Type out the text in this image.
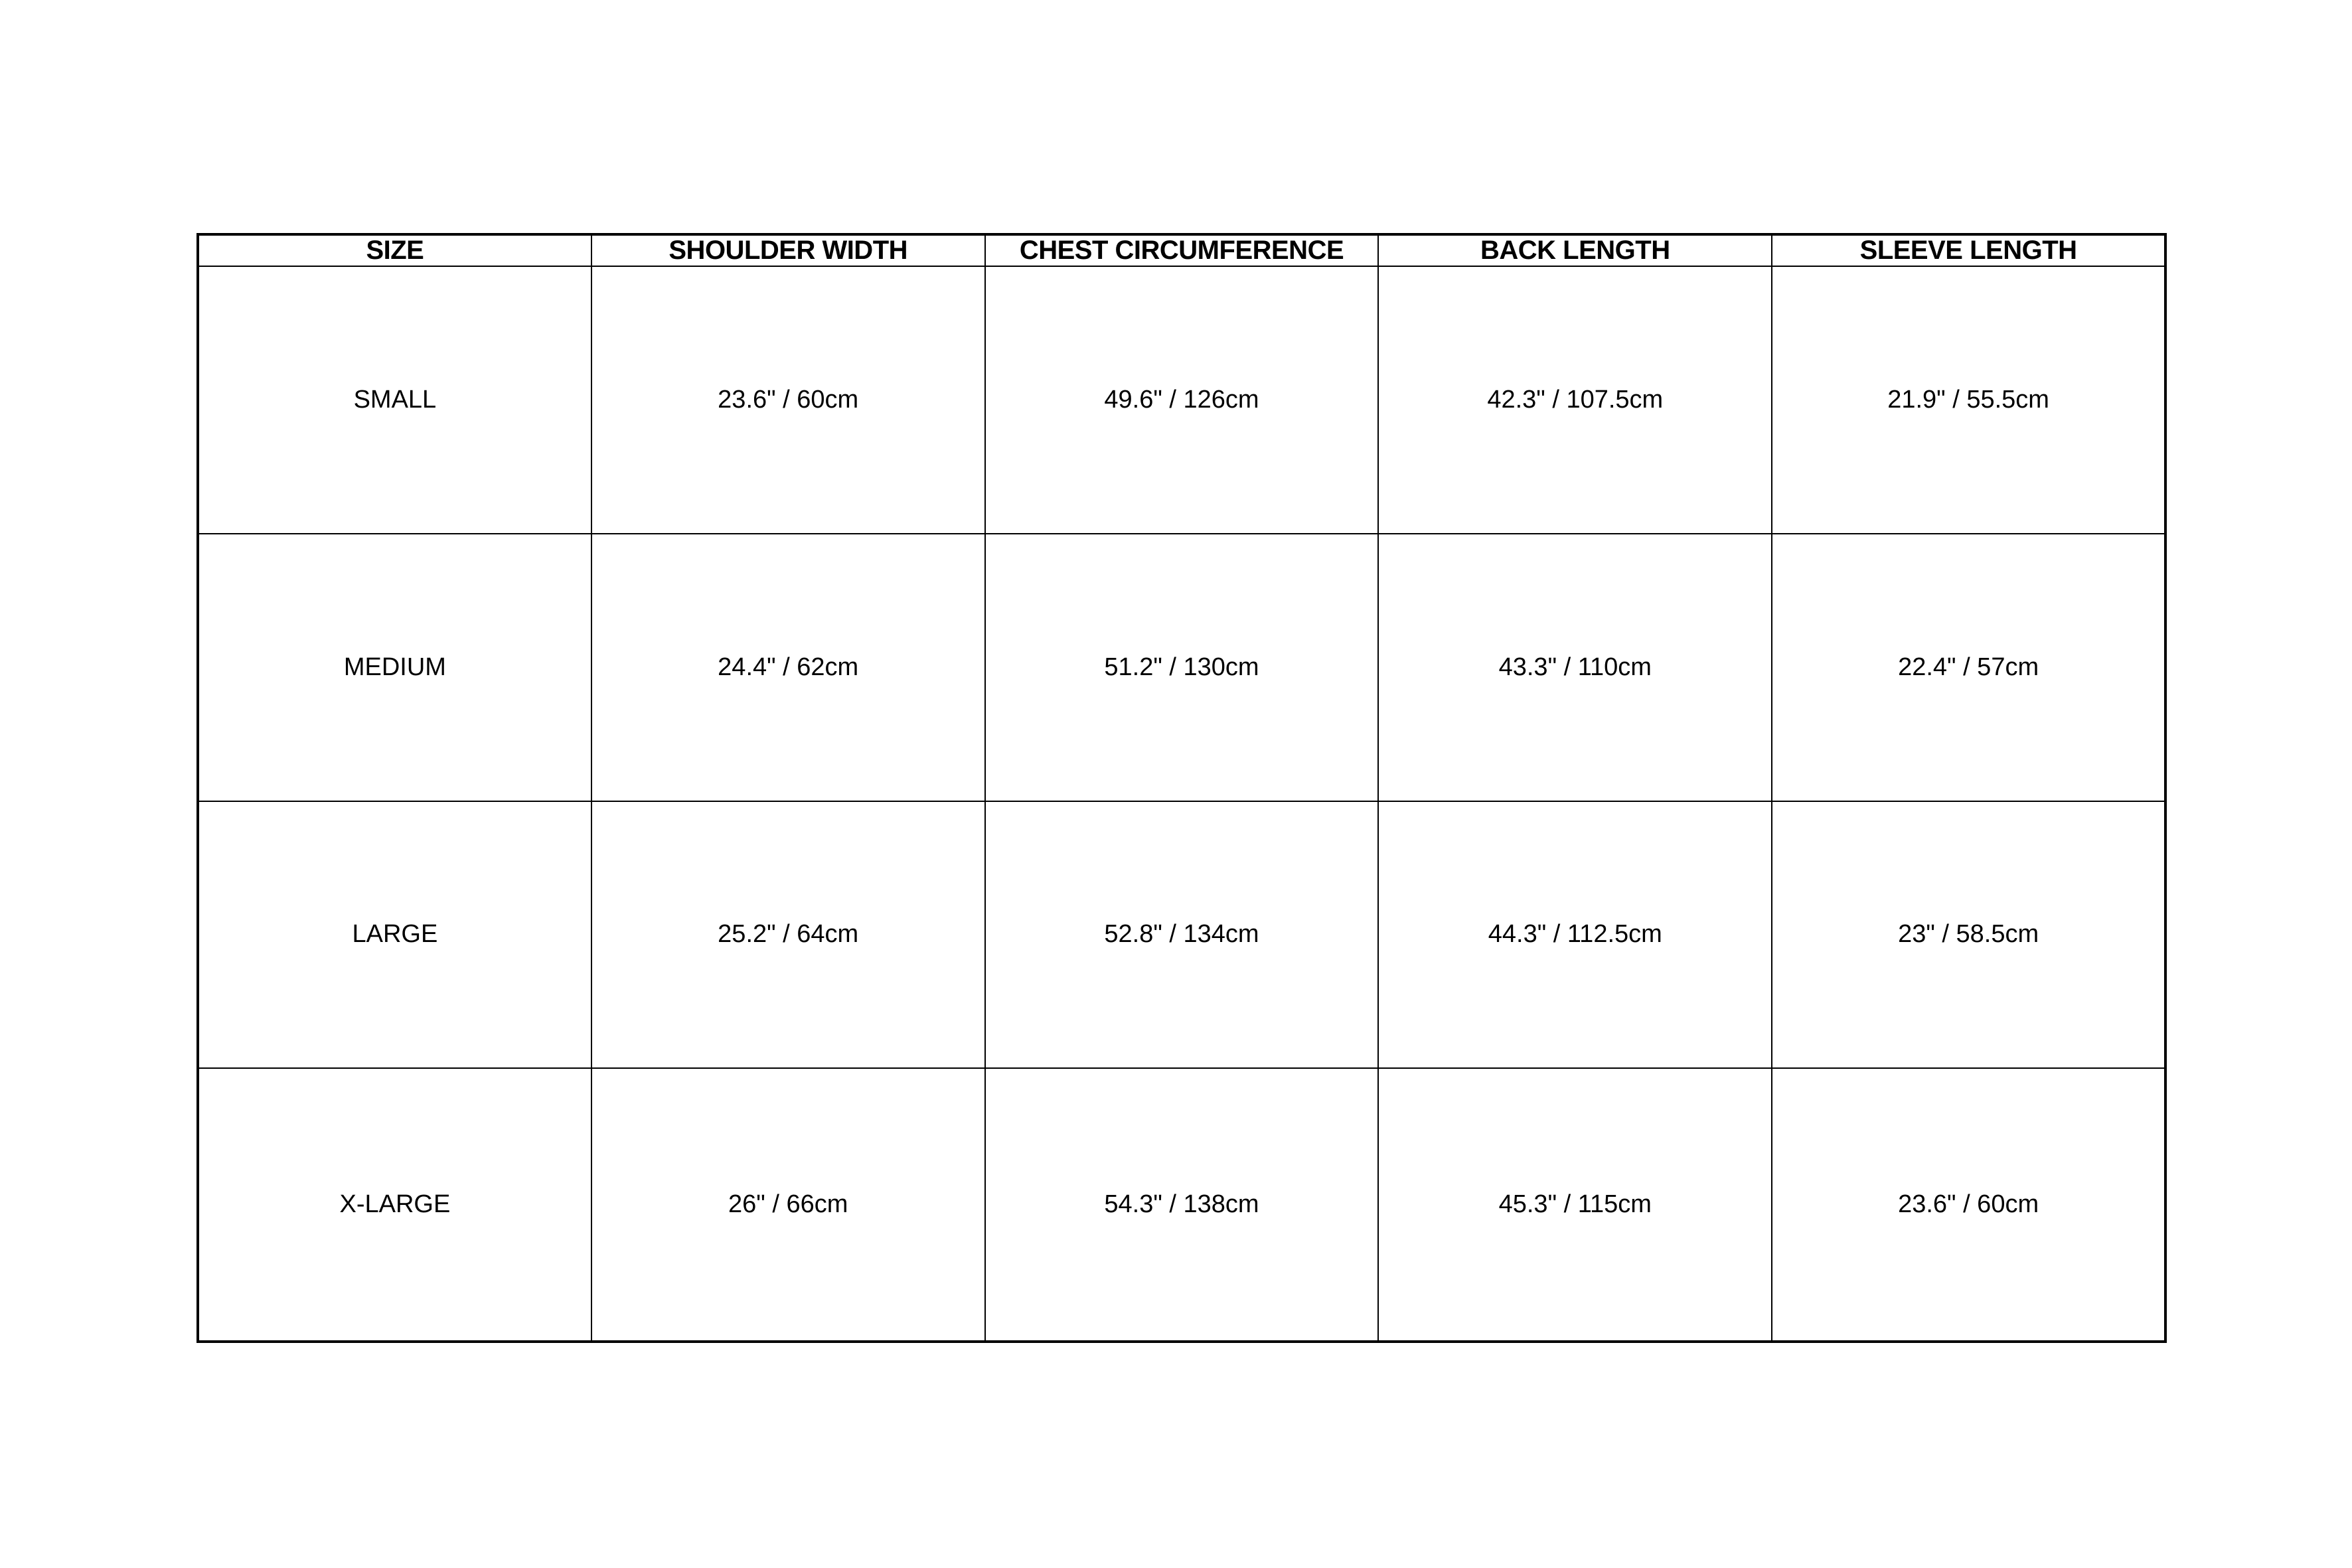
SIZE	SHOULDER WIDTH	CHEST CIRCUMFERENCE	BACK LENGTH	SLEEVE LENGTH
SMALL	23.6" / 60cm	49.6" / 126cm	42.3" / 107.5cm	21.9" / 55.5cm
MEDIUM	24.4" / 62cm	51.2" / 130cm	43.3" / 110cm	22.4" / 57cm
LARGE	25.2" / 64cm	52.8" / 134cm	44.3" / 112.5cm	23" / 58.5cm
X-LARGE	26" / 66cm	54.3" / 138cm	45.3" / 115cm	23.6" / 60cm
